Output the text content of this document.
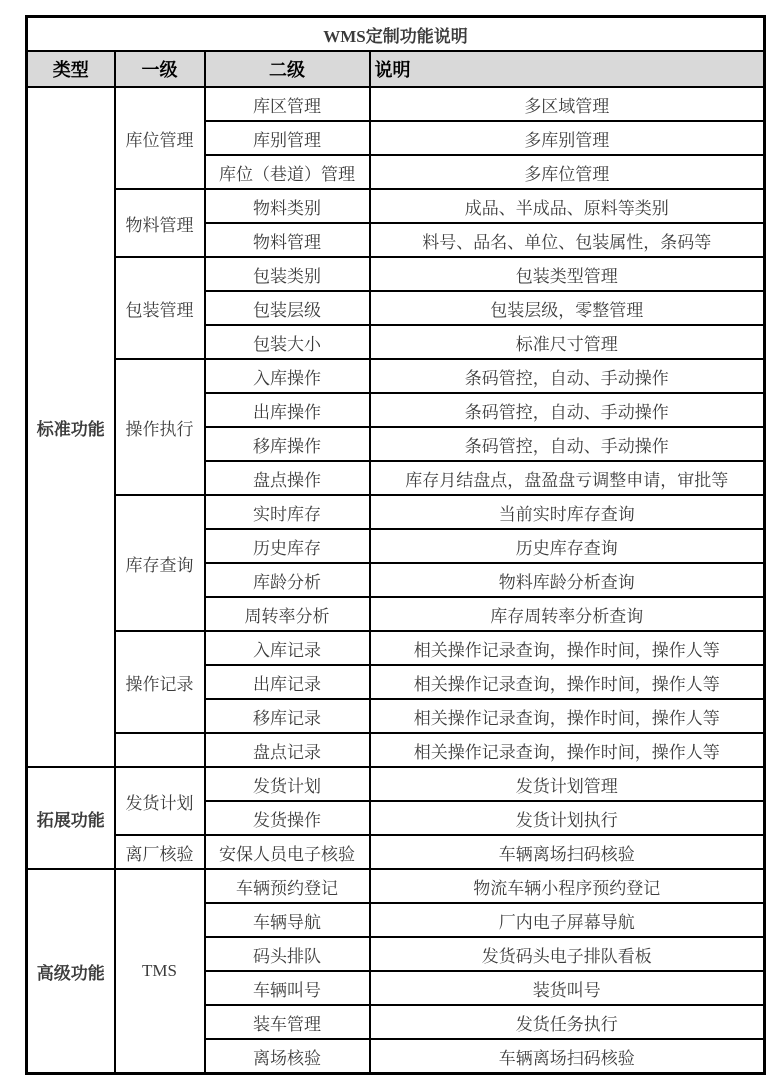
WMS定制功能说明			
类型	一级	二级	说明
标准功能	库位管理	库区管理	多区域管理
		库别管理	多库别管理
		库位（巷道）管理	多库位管理
	物料管理	物料类别	成品、半成品、原料等类别
		物料管理	料号、品名、单位、包装属性，条码等
	包装管理	包装类别	包装类型管理
		包装层级	包装层级，零整管理
		包装大小	标准尺寸管理
	操作执行	入库操作	条码管控，自动、手动操作
		出库操作	条码管控，自动、手动操作
		移库操作	条码管控，自动、手动操作
		盘点操作	库存月结盘点，盘盈盘亏调整申请，审批等
	库存查询	实时库存	当前实时库存查询
		历史库存	历史库存查询
		库龄分析	物料库龄分析查询
		周转率分析	库存周转率分析查询
	操作记录	入库记录	相关操作记录查询，操作时间，操作人等
		出库记录	相关操作记录查询，操作时间，操作人等
		移库记录	相关操作记录查询，操作时间，操作人等
		盘点记录	相关操作记录查询，操作时间，操作人等
拓展功能	发货计划	发货计划	发货计划管理
		发货操作	发货计划执行
	离厂核验	安保人员电子核验	车辆离场扫码核验
高级功能	TMS	车辆预约登记	物流车辆小程序预约登记
		车辆导航	厂内电子屏幕导航
		码头排队	发货码头电子排队看板
		车辆叫号	装货叫号
		装车管理	发货任务执行
		离场核验	车辆离场扫码核验
